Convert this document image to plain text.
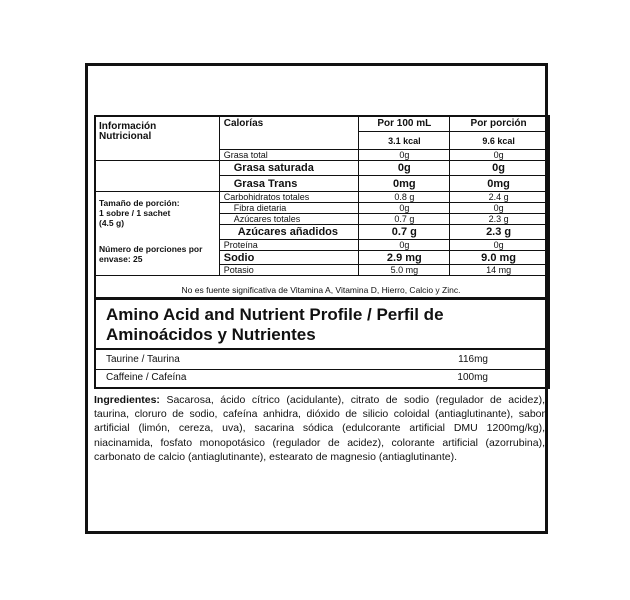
Información
Nutricional	Calorías	Por 100 mL	Por porción
		3.1 kcal	9.6 kcal
	Grasa total	0g	0g
	Grasa saturada	0g	0g
	Grasa Trans	0mg	0mg

Tamaño de porción:
1 sobre / 1 sachet
(4.5 g)
Número de porciones por
envase: 25	Carbohidratos totales	0.8 g	2.4 g
	Fibra dietaria	0g	0g
	Azúcares totales	0.7 g	2.3 g
	Azúcares añadidos	0.7 g	2.3 g
	Proteína	0g	0g
	Sodio	2.9 mg	9.0 mg
	Potasio	5.0 mg	14 mg
No es fuente significativa de Vitamina A, Vitamina D, Hierro, Calcio y Zinc.
Amino Acid and Nutrient Profile / Perfil de
Aminoácidos y Nutrientes
Taurine / Taurina	116mg
Caffeine / Cafeína	100mg
Ingredientes: Sacarosa, ácido cítrico (acidulante), citrato de sodio (regulador de acidez), taurina, cloruro de sodio, cafeína anhidra, dióxido de silicio coloidal (antiaglutinante), sabor artificial (limón, cereza, uva), sacarina sódica (edulcorante artificial DMU 1200mg/kg), niacinamida, fosfato monopotásico (regulador de acidez), colorante artificial (azorrubina), carbonato de calcio (antiaglutinante), estearato de magnesio (antiaglutinante).
